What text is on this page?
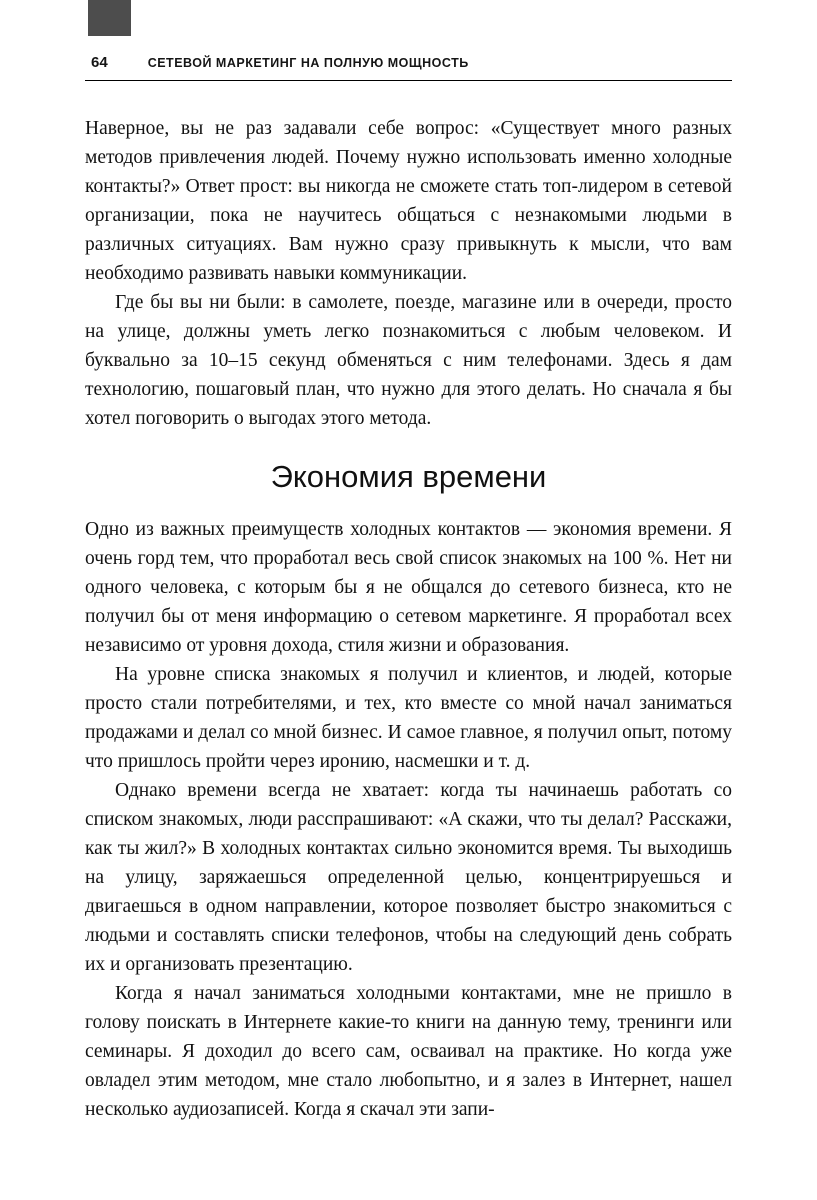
64	СЕТЕВОЙ МАРКЕТИНГ НА ПОЛНУЮ МОЩНОСТЬ

Наверное, вы не раз задавали себе вопрос: «Существует много разных методов привлечения людей. Почему нужно использовать именно холодные контакты?» Ответ прост: вы никогда не сможете стать топ-лидером в сетевой организации, пока не научитесь общаться с незнакомыми людьми в различных ситуациях. Вам нужно сразу привыкнуть к мысли, что вам необходимо развивать навыки коммуникации.

Где бы вы ни были: в самолете, поезде, магазине или в очереди, просто на улице, должны уметь легко познакомиться с любым человеком. И буквально за 10–15 секунд обменяться с ним телефонами. Здесь я дам технологию, пошаговый план, что нужно для этого делать. Но сначала я бы хотел поговорить о выгодах этого метода.

Экономия времени

Одно из важных преимуществ холодных контактов — экономия времени. Я очень горд тем, что проработал весь свой список знакомых на 100 %. Нет ни одного человека, с которым бы я не общался до сетевого бизнеса, кто не получил бы от меня информацию о сетевом маркетинге. Я проработал всех независимо от уровня дохода, стиля жизни и образования.

На уровне списка знакомых я получил и клиентов, и людей, которые просто стали потребителями, и тех, кто вместе со мной начал заниматься продажами и делал со мной бизнес. И самое главное, я получил опыт, потому что пришлось пройти через иронию, насмешки и т. д.

Однако времени всегда не хватает: когда ты начинаешь работать со списком знакомых, люди расспрашивают: «А скажи, что ты делал? Расскажи, как ты жил?» В холодных контактах сильно экономится время. Ты выходишь на улицу, заряжаешься определенной целью, концентрируешься и двигаешься в одном направлении, которое позволяет быстро знакомиться с людьми и составлять списки телефонов, чтобы на следующий день собрать их и организовать презентацию.

Когда я начал заниматься холодными контактами, мне не пришло в голову поискать в Интернете какие-то книги на данную тему, тренинги или семинары. Я доходил до всего сам, осваивал на практике. Но когда уже овладел этим методом, мне стало любопытно, и я залез в Интернет, нашел несколько аудиозаписей. Когда я скачал эти запи-
